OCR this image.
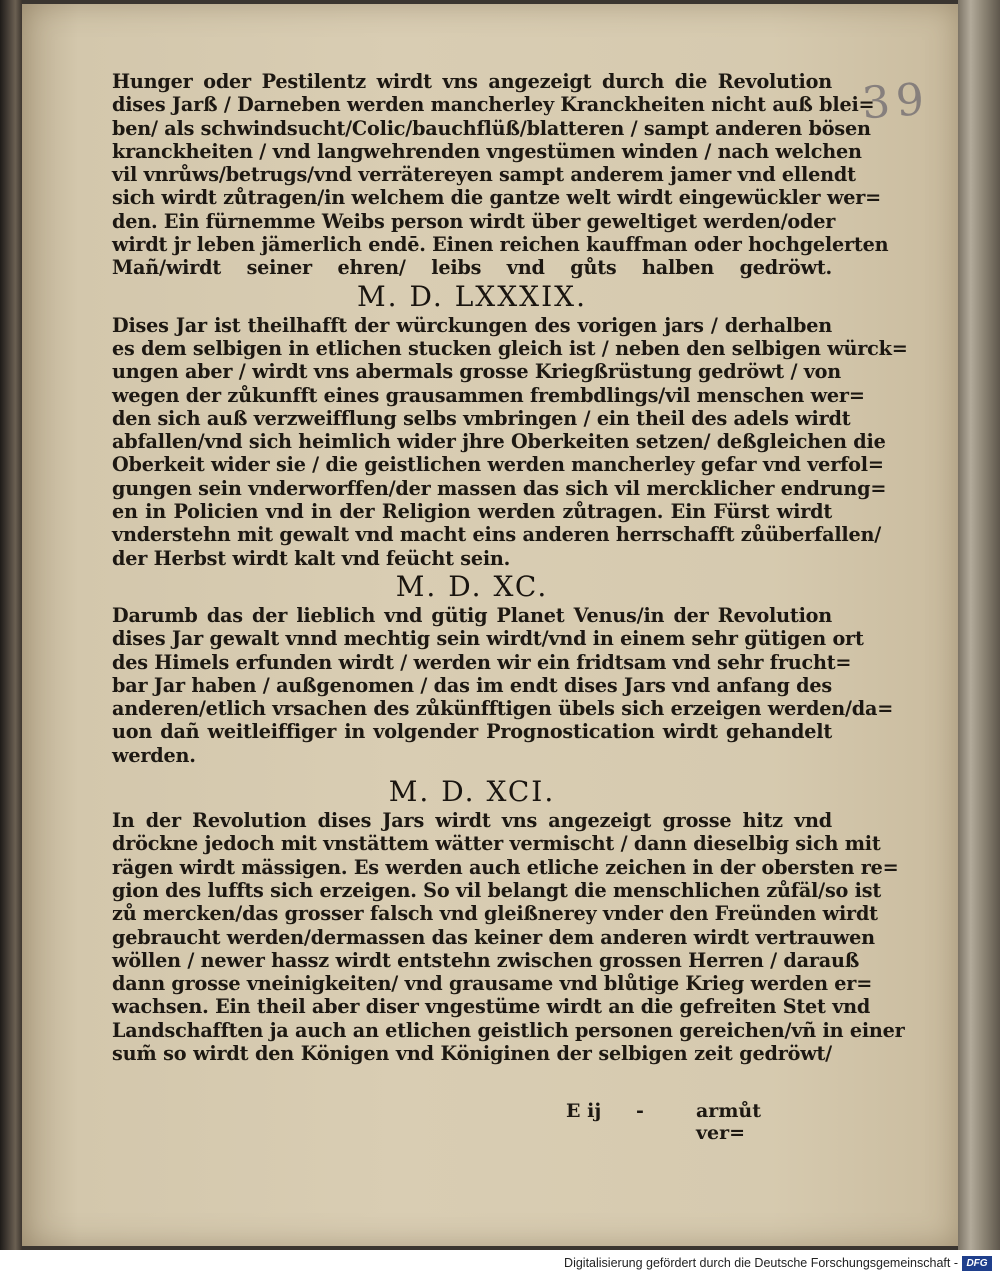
39
Hunger oder Pestilentz wirdt vns angezeigt durch die Revolution
dises Jarß / Darneben werden mancherley Kranckheiten nicht auß blei=
ben/ als schwindsucht/Colic/bauchflüß/blatteren / sampt anderen bösen
kranckheiten / vnd langwehrenden vngestümen winden / nach welchen
vil vnrůws/betrugs/vnd verrätereyen sampt anderem jamer vnd ellendt
sich wirdt zůtragen/in welchem die gantze welt wirdt eingewückler wer=
den. Ein fürnemme Weibs person wirdt über geweltiget werden/oder
wirdt jr leben jämerlich endē. Einen reichen kauffman oder hochgelerten
Mañ/wirdt seiner ehren/ leibs vnd gůts halben gedröwt.
M. D. LXXXIX.
Dises Jar ist theilhafft der würckungen des vorigen jars / derhalben
es dem selbigen in etlichen stucken gleich ist / neben den selbigen würck=
ungen aber / wirdt vns abermals grosse Kriegßrüstung gedröwt / von
wegen der zůkunfft eines grausammen frembdlings/vil menschen wer=
den sich auß verzweifflung selbs vmbringen / ein theil des adels wirdt
abfallen/vnd sich heimlich wider jhre Oberkeiten setzen/ deßgleichen die
Oberkeit wider sie / die geistlichen werden mancherley gefar vnd verfol=
gungen sein vnderworffen/der massen das sich vil mercklicher endrung=
en in Policien vnd in der Religion werden zůtragen. Ein Fürst wirdt
vnderstehn mit gewalt vnd macht eins anderen herrschafft zůüberfallen/
der Herbst wirdt kalt vnd feücht sein.
M. D. XC.
Darumb das der lieblich vnd gütig Planet Venus/in der Revolution
dises Jar gewalt vnnd mechtig sein wirdt/vnd in einem sehr gütigen ort
des Himels erfunden wirdt / werden wir ein fridtsam vnd sehr frucht=
bar Jar haben / außgenomen / das im endt dises Jars vnd anfang des
anderen/etlich vrsachen des zůkünfftigen übels sich erzeigen werden/da=
uon dañ weitleiffiger in volgender Prognostication wirdt gehandelt
werden.
M. D. XCI.
In der Revolution dises Jars wirdt vns angezeigt grosse hitz vnd
dröckne jedoch mit vnstättem wätter vermischt / dann dieselbig sich mit
rägen wirdt mässigen. Es werden auch etliche zeichen in der obersten re=
gion des luffts sich erzeigen. So vil belangt die menschlichen zůfäl/so ist
zů mercken/das grosser falsch vnd gleißnerey vnder den Freünden wirdt
gebraucht werden/dermassen das keiner dem anderen wirdt vertrauwen
wöllen / newer hassz wirdt entstehn zwischen grossen Herren / darauß
dann grosse vneinigkeiten/ vnd grausame vnd blůtige Krieg werden er=
wachsen. Ein theil aber diser vngestüme wirdt an die gefreiten Stet vnd
Landschafften ja auch an etlichen geistlich personen gereichen/vñ in einer
sum̃ so wirdt den Königen vnd Königinen der selbigen zeit gedröwt/
E ij -	armůt ver=
Digitalisierung gefördert durch die Deutsche Forschungsgemeinschaft - DFG
